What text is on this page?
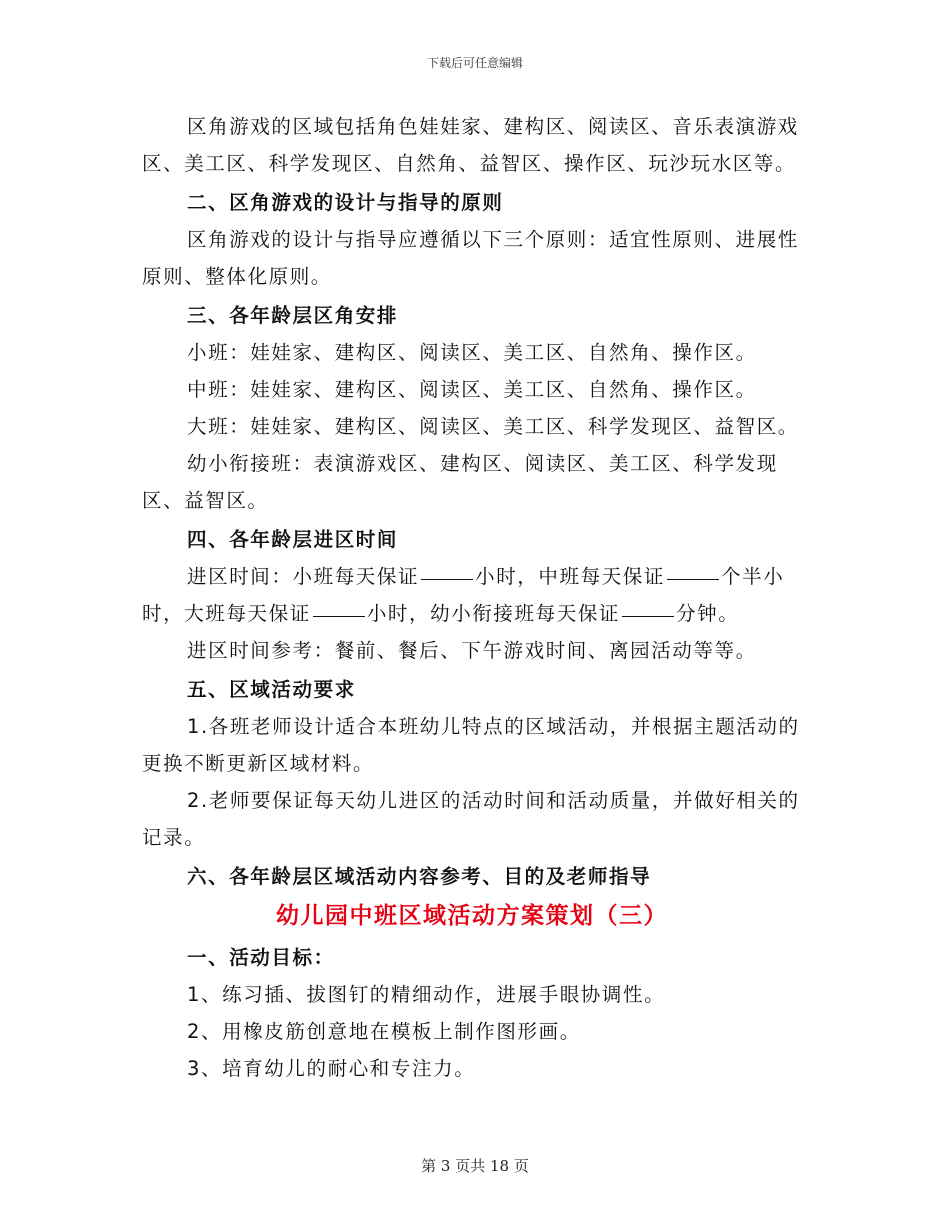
下载后可任意编辑

区角游戏的区域包括角色娃娃家、建构区、阅读区、音乐表演游戏区、美工区、科学发现区、自然角、益智区、操作区、玩沙玩水区等。

二、区角游戏的设计与指导的原则

区角游戏的设计与指导应遵循以下三个原则：适宜性原则、进展性原则、整体化原则。

三、各年龄层区角安排

小班：娃娃家、建构区、阅读区、美工区、自然角、操作区。

中班：娃娃家、建构区、阅读区、美工区、自然角、操作区。

大班：娃娃家、建构区、阅读区、美工区、科学发现区、益智区。

幼小衔接班：表演游戏区、建构区、阅读区、美工区、科学发现区、益智区。

四、各年龄层进区时间

进区时间：小班每天保证	小时，中班每天保证	个半小时，大班每天保证	小时，幼小衔接班每天保证	分钟。

进区时间参考：餐前、餐后、下午游戏时间、离园活动等等。

五、区域活动要求

1.各班老师设计适合本班幼儿特点的区域活动，并根据主题活动的更换不断更新区域材料。

2.老师要保证每天幼儿进区的活动时间和活动质量，并做好相关的记录。

六、各年龄层区域活动内容参考、目的及老师指导

幼儿园中班区域活动方案策划（三）

一、活动目标：

1、练习插、拔图钉的精细动作，进展手眼协调性。

2、用橡皮筋创意地在模板上制作图形画。

3、培育幼儿的耐心和专注力。

第 3 页共 18 页
